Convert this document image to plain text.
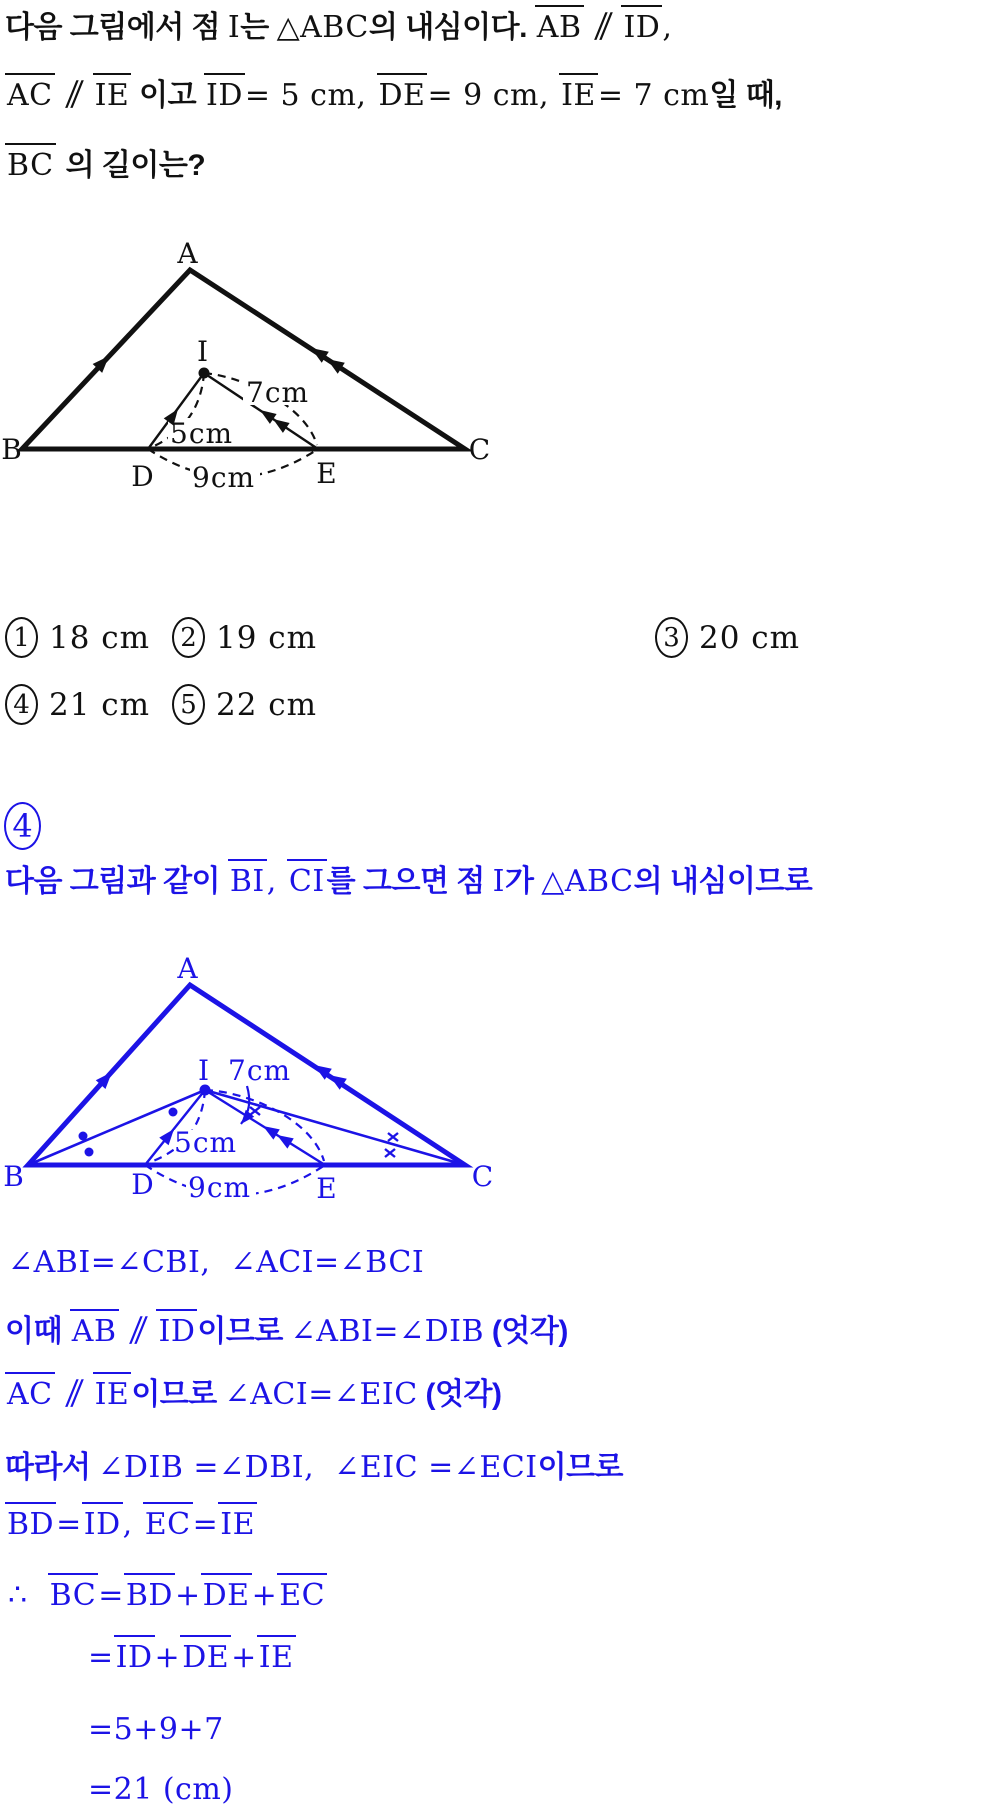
다음 그림에서 점 I는 △ABC의 내심이다. AB ∥ ID,
AC ∥ IE 이고 ID= 5 cm, DE= 9 cm, IE= 7 cm일 때,
BC 의 길이는?
A
B	C
D	E
I
5cm
7cm
9cm
1 18 cm	2 19 cm	3 20 cm
4 21 cm	5 22 cm
4
다음 그림과 같이 BI, CI를 그으면 점 I가 △ABC의 내심이므로
A
B	C
D	E
I 7cm
5cm
9cm
∠ABI=∠CBI,  ∠ACI=∠BCI
이때 AB ∥ ID이므로 ∠ABI=∠DIB (엇각)
AC ∥ IE이므로 ∠ACI=∠EIC (엇각)
따라서 ∠DIB =∠DBI,  ∠EIC =∠ECI이므로
BD=ID, EC=IE
∴  BC=BD+DE+EC
=ID+DE+IE
=5+9+7
=21 (cm)
